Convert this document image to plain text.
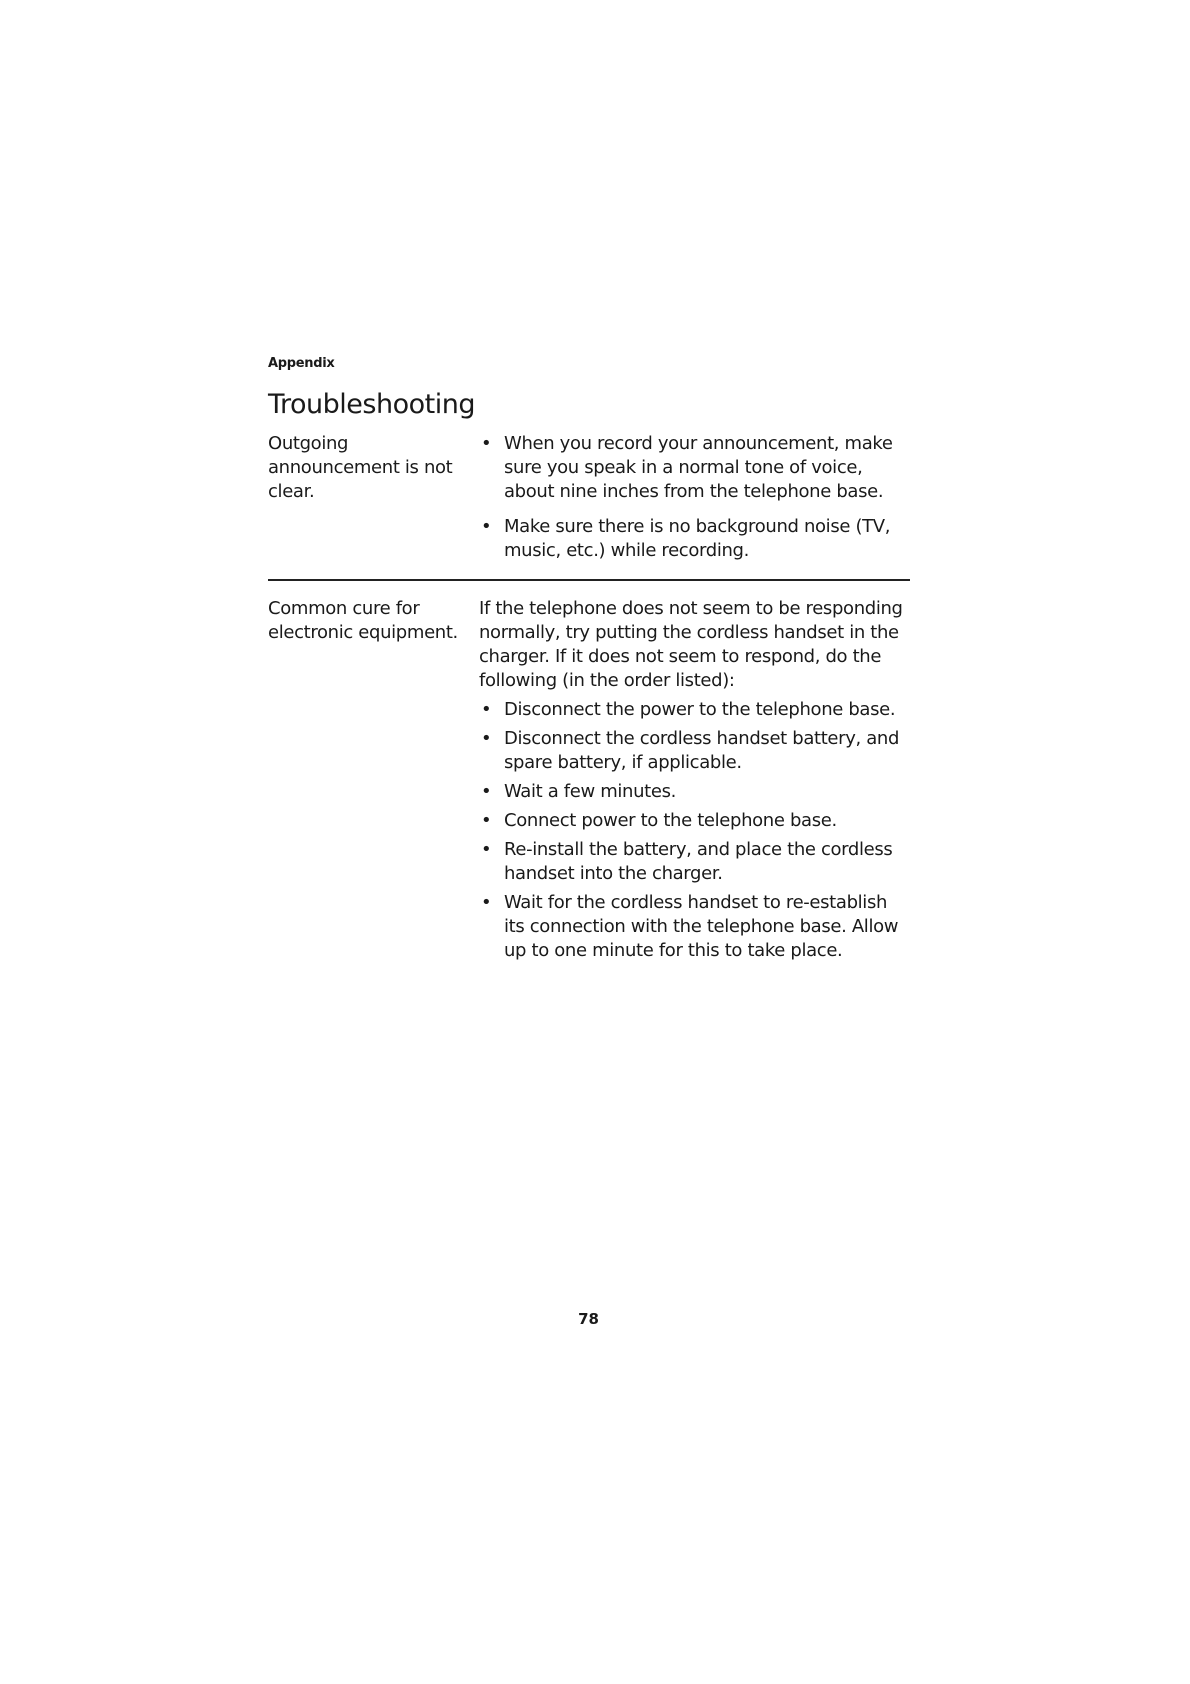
Appendix
Troubleshooting
Outgoing announcement is not clear.
• When you record your announcement, make sure you speak in a normal tone of voice, about nine inches from the telephone base.
• Make sure there is no background noise (TV, music, etc.) while recording.
Common cure for electronic equipment.

If the telephone does not seem to be responding normally, try putting the cordless handset in the charger. If it does not seem to respond, do the following (in the order listed):

• Disconnect the power to the telephone base.
• Disconnect the cordless handset battery, and spare battery, if applicable.
• Wait a few minutes.
• Connect power to the telephone base.
• Re-install the battery, and place the cordless handset into the charger.
• Wait for the cordless handset to re-establish its connection with the telephone base. Allow up to one minute for this to take place.
78
